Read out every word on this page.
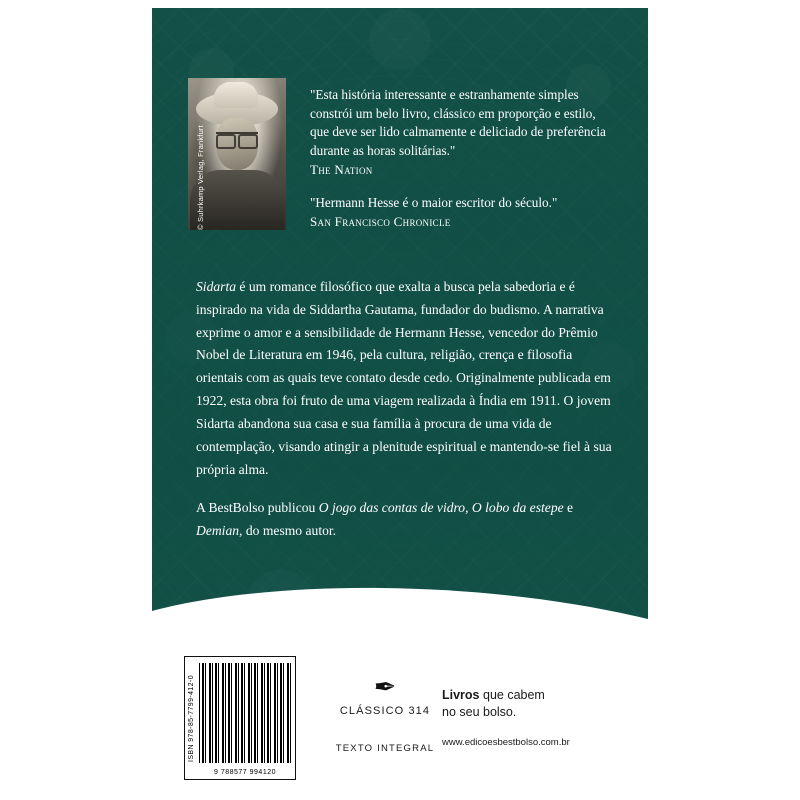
© Suhrkamp Verlag, Frankfurt

"Esta história interessante e estranhamente simples constrói um belo livro, clássico em proporção e estilo, que deve ser lido calmamente e deliciado de preferência durante as horas solitárias."

The Nation

"Hermann Hesse é o maior escritor do século."

San Francisco Chronicle

Sidarta é um romance filosófico que exalta a busca pela sabedoria e é inspirado na vida de Siddartha Gautama, fundador do budismo. A narrativa exprime o amor e a sensibilidade de Hermann Hesse, vencedor do Prêmio Nobel de Literatura em 1946, pela cultura, religião, crença e filosofia orientais com as quais teve contato desde cedo. Originalmente publicada em 1922, esta obra foi fruto de uma viagem realizada à Índia em 1911. O jovem Sidarta abandona sua casa e sua família à procura de uma vida de contemplação, visando atingir a plenitude espiritual e mantendo-se fiel à sua própria alma.

A BestBolso publicou O jogo das contas de vidro, O lobo da estepe e Demian, do mesmo autor.

ISBN 978-85-7799-412-0
9 788577 994120
✒
CLÁSSICO 314
TEXTO INTEGRAL
Livros que cabem
no seu bolso.
www.edicoesbestbolso.com.br
